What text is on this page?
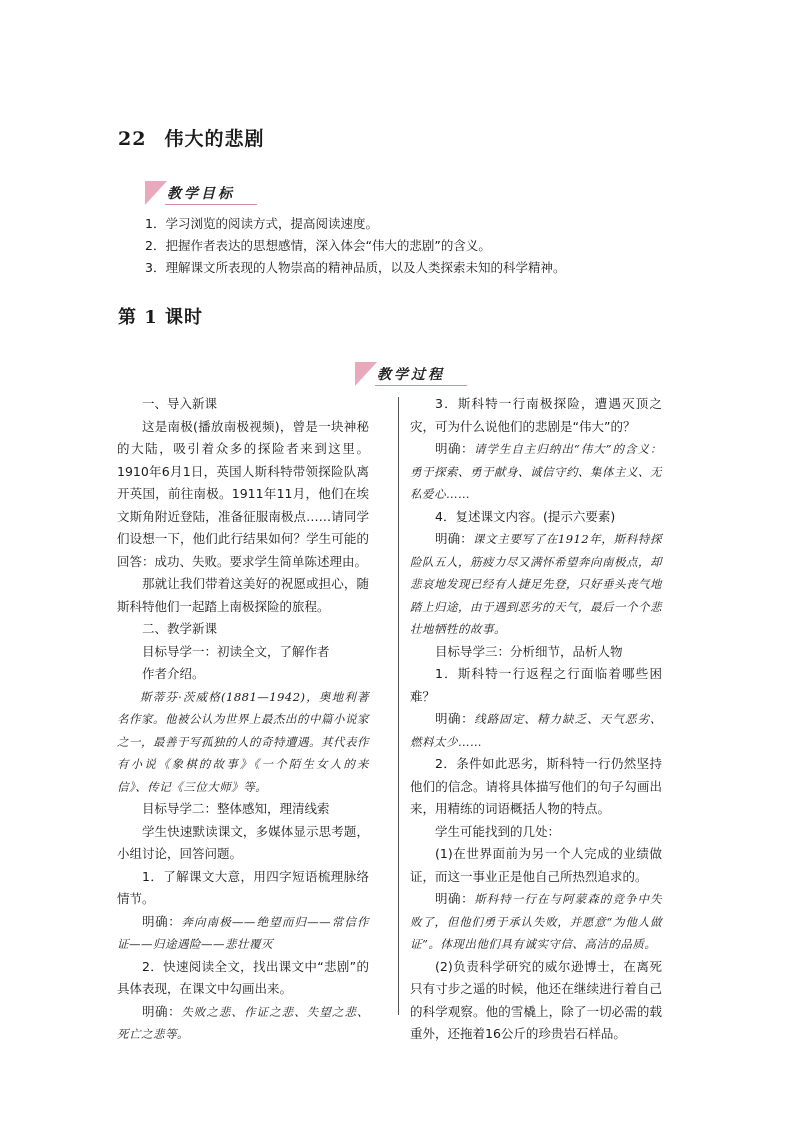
22 伟大的悲剧
教学目标
1．学习浏览的阅读方式，提高阅读速度。
2．把握作者表达的思想感情，深入体会“伟大的悲剧”的含义。
3．理解课文所表现的人物崇高的精神品质，以及人类探索未知的科学精神。
第 1 课时
教学过程

一、导入新课

这是南极(播放南极视频)，曾是一块神秘的大陆，吸引着众多的探险者来到这里。1910年6月1日，英国人斯科特带领探险队离开英国，前往南极。1911年11月，他们在埃文斯角附近登陆，准备征服南极点……请同学们设想一下，他们此行结果如何？学生可能的回答：成功、失败。要求学生简单陈述理由。

那就让我们带着这美好的祝愿或担心，随斯科特他们一起踏上南极探险的旅程。

二、教学新课

目标导学一：初读全文，了解作者

作者介绍。

斯蒂芬·茨威格(1881—1942)，奥地利著名作家。他被公认为世界上最杰出的中篇小说家之一，最善于写孤独的人的奇特遭遇。其代表作有小说《象棋的故事》《一个陌生女人的来信》、传记《三位大师》等。

目标导学二：整体感知，理清线索

学生快速默读课文，多媒体显示思考题，小组讨论，回答问题。

1．了解课文大意，用四字短语梳理脉络情节。

明确：奔向南极——绝望而归——常信作证——归途遇险——悲壮覆灭

2．快速阅读全文，找出课文中“悲剧”的具体表现，在课文中勾画出来。

明确：失败之悲、作证之悲、失望之悲、死亡之悲等。

3．斯科特一行南极探险，遭遇灭顶之灾，可为什么说他们的悲剧是“伟大”的？

明确：请学生自主归纳出“伟大”的含义：勇于探索、勇于献身、诚信守约、集体主义、无私爱心……

4．复述课文内容。(提示六要素)

明确：课文主要写了在1912年，斯科特探险队五人，筋疲力尽又满怀希望奔向南极点，却悲哀地发现已经有人捷足先登，只好垂头丧气地踏上归途，由于遇到恶劣的天气，最后一个个悲壮地牺牲的故事。

目标导学三：分析细节，品析人物

1．斯科特一行返程之行面临着哪些困难？

明确：线路固定、精力缺乏、天气恶劣、燃料太少……

2．条件如此恶劣，斯科特一行仍然坚持他们的信念。请将具体描写他们的句子勾画出来，用精练的词语概括人物的特点。

学生可能找到的几处：

(1)在世界面前为另一个人完成的业绩做证，而这一事业正是他自己所热烈追求的。

明确：斯科特一行在与阿蒙森的竞争中失败了，但他们勇于承认失败，并愿意“为他人做证”。体现出他们具有诚实守信、高洁的品质。

(2)负责科学研究的威尔逊博士，在离死只有寸步之遥的时候，他还在继续进行着自己的科学观察。他的雪橇上，除了一切必需的载重外，还拖着16公斤的珍贵岩石样品。
